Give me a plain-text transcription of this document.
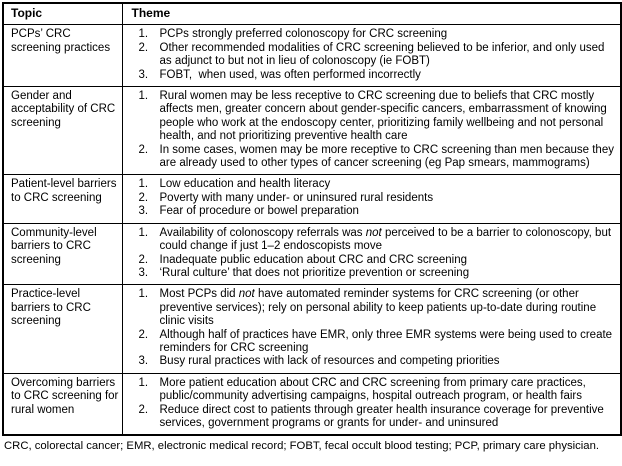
Topic	Theme
PCPs’ CRC screening practices	
1. PCPs strongly preferred colonoscopy for CRC screening
2. Other recommended modalities of CRC screening believed to be inferior, and only used as adjunct to but not in lieu of colonoscopy (ie FOBT)
3. FOBT,  when used, was often performed incorrectly

Gender and acceptability of CRC screening	
1. Rural women may be less receptive to CRC screening due to beliefs that CRC mostly affects men, greater concern about gender-specific cancers, embarrassment of knowing people who work at the endoscopy center, prioritizing family wellbeing and not personal health, and not prioritizing preventive health care
2. In some cases, women may be more receptive to CRC screening than men because they are already used to other types of cancer screening (eg Pap smears, mammograms)

Patient-level barriers to CRC screening	
1. Low education and health literacy
2. Poverty with many under- or uninsured rural residents
3. Fear of procedure or bowel preparation

Community-level barriers to CRC screening	
1. Availability of colonoscopy referrals was not perceived to be a barrier to colonoscopy, but could change if just 1–2 endoscopists move
2. Inadequate public education about CRC and CRC screening
3. ‘Rural culture’ that does not prioritize prevention or screening

Practice-level barriers to CRC screening	
1. Most PCPs did not have automated reminder systems for CRC screening (or other preventive services); rely on personal ability to keep patients up-to-date during routine clinic visits
2. Although half of practices have EMR, only three EMR systems were being used to create reminders for CRC screening
3. Busy rural practices with lack of resources and competing priorities

Overcoming barriers to CRC screening for rural women	
1. More patient education about CRC and CRC screening from primary care practices, public/community advertising campaigns, hospital outreach program, or health fairs
2. Reduce direct cost to patients through greater health insurance coverage for preventive services, government programs or grants for under- and uninsured
CRC, colorectal cancer; EMR, electronic medical record; FOBT, fecal occult blood testing; PCP, primary care physician.
